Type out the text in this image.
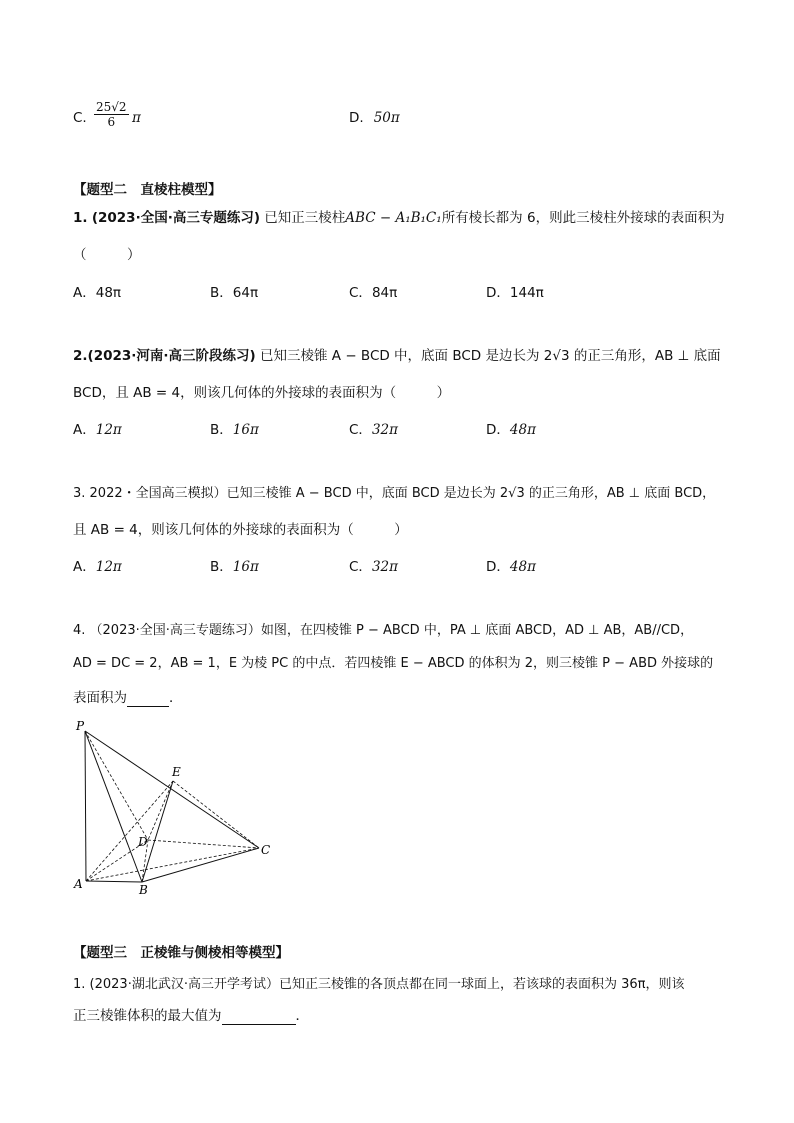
C. $\frac{25√2}{6}$ π	D. 50π
【题型二　直棱柱模型】
1. (2023·全国·高三专题练习) 已知正三棱柱ABC − A₁B₁C₁所有棱长都为 6，则此三棱柱外接球的表面积为
（　　　）
A．48π	B．64π	C．84π	D．144π
2.(2023·河南·高三阶段练习) 已知三棱锥 A − BCD 中，底面 BCD 是边长为 2√3 的正三角形，AB ⊥ 底面
BCD，且 AB = 4，则该几何体的外接球的表面积为（　　　）
A．12π	B．16π	C．32π	D．48π
3. 2022・全国高三模拟）已知三棱锥 A − BCD 中，底面 BCD 是边长为 2√3 的正三角形，AB ⊥ 底面 BCD，
且 AB = 4，则该几何体的外接球的表面积为（　　　）
A．12π	B．16π	C．32π	D．48π
4. （2023·全国·高三专题练习）如图，在四棱锥 P − ABCD 中，PA ⊥ 底面 ABCD，AD ⊥ AB，AB//CD，
AD = DC = 2，AB = 1，E 为棱 PC 的中点．若四棱锥 E − ABCD 的体积为 2，则三棱锥 P − ABD 外接球的
表面积为	．
P
E
D
C
A	B
【题型三　正棱锥与侧棱相等模型】
1. (2023·湖北武汉·高三开学考试）已知正三棱锥的各顶点都在同一球面上，若该球的表面积为 36π，则该
正三棱锥体积的最大值为	．
